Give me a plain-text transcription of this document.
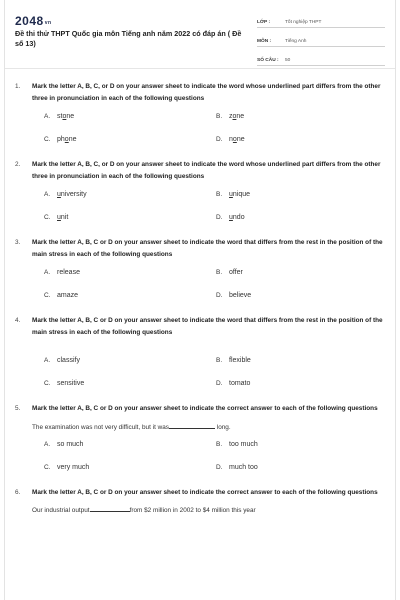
2048vn
Đề thi thử THPT Quốc gia môn Tiếng anh năm 2022 có đáp án ( Đề số 13)
LỚP :	Tốt nghiệp THPT
MÔN :	Tiếng Anh
SỐ CÂU :	50
1.	Mark the letter A, B, C, or D on your answer sheet to indicate the word whose underlined part differs from the other three in pronunciation in each of the following questions
A. stone	B. zone
C. phone	D. none
2.	Mark the letter A, B, C, or D on your answer sheet to indicate the word whose underlined part differs from the other three in pronunciation in each of the following questions
A. university	B. unique
C. unit	D. undo
3.	Mark the letter A, B, C or D on your answer sheet to indicate the word that differs from the rest in the position of the main stress in each of the following questions
A. release	B. offer
C. amaze	D. believe
4.	Mark the letter A, B, C or D on your answer sheet to indicate the word that differs from the rest in the position of the main stress in each of the following questions
A. classify	B. flexible
C. sensitive	D. tomato
5.	Mark the letter A, B, C or D on your answer sheet to indicate the correct answer to each of the following questions
The examination was not very difficult, but it was	long.
A. so much	B. too much
C. very much	D. much too
6.	Mark the letter A, B, C or D on your answer sheet to indicate the correct answer to each of the following questions
Our industrial output	from $2 million in 2002 to $4 million this year
